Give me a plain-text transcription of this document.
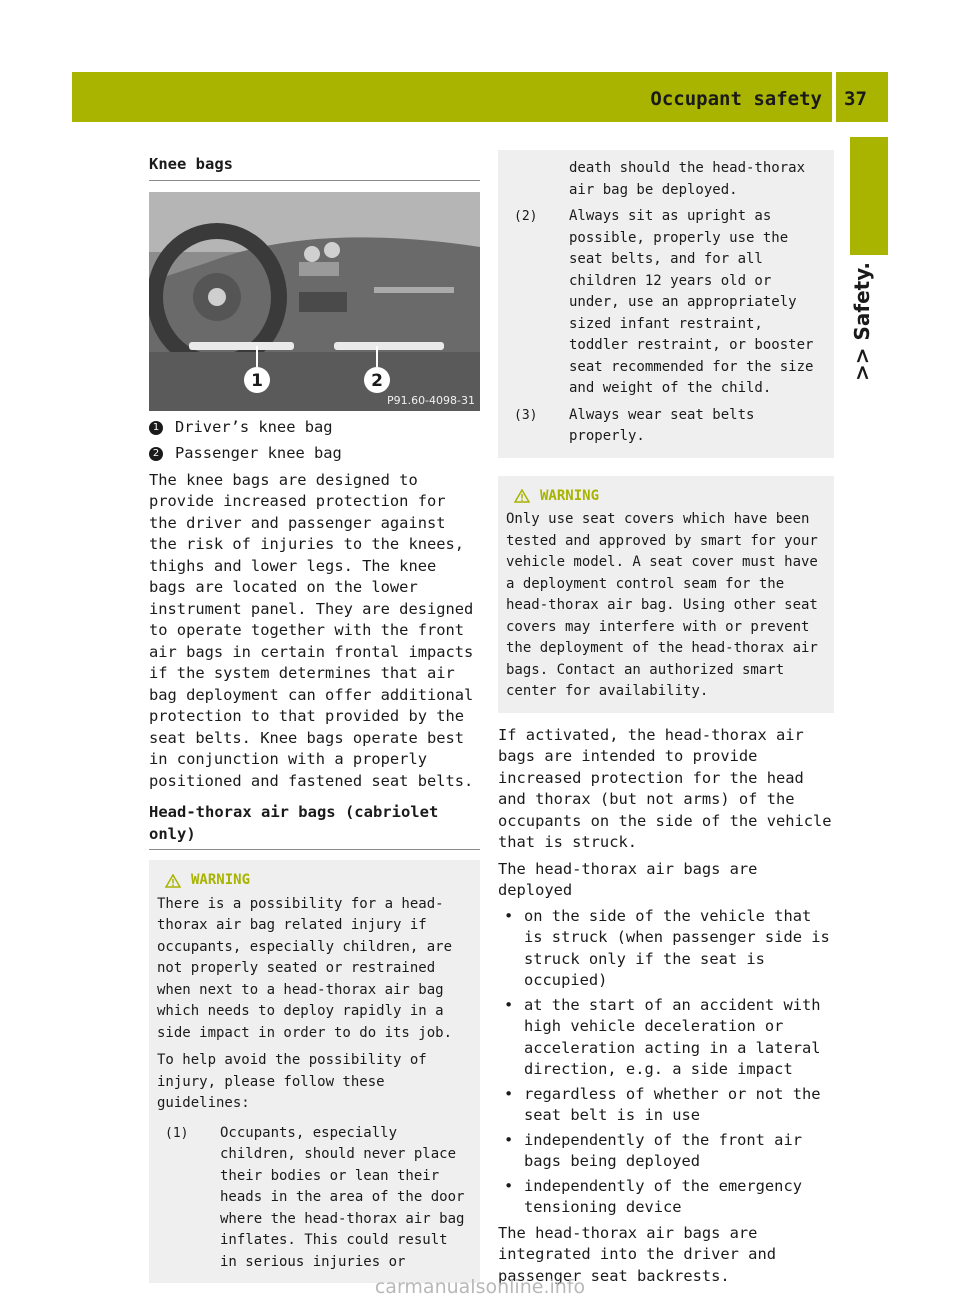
Occupant safety 37
>> Safety.
Knee bags
1	2
P91.60-4098-31
1 Driver’s knee bag
2 Passenger knee bag

The knee bags are designed to provide increased protection for the driver and passenger against the risk of injuries to the knees, thighs and lower legs. The knee bags are located on the lower instrument panel. They are designed to operate together with the front air bags in certain frontal impacts if the system determines that air bag deployment can offer additional protection to that provided by the seat belts. Knee bags operate best in conjunction with a properly positioned and fastened seat belts.

Head-thorax air bags (cabriolet only)
WARNING

There is a possibility for a head-thorax air bag related injury if occupants, especially children, are not properly seated or restrained when next to a head-thorax air bag which needs to deploy rapidly in a side impact in order to do its job.

To help avoid the possibility of injury, please follow these guidelines:

(1)	Occupants, especially children, should never place their bodies or lean their heads in the area of the door where the head-thorax air bag inflates. This could result in serious injuries or
death should the head-thorax air bag be deployed.
(2)	Always sit as upright as possible, properly use the seat belts, and for all children 12 years old or under, use an appropriately sized infant restraint, toddler restraint, or booster seat recommended for the size and weight of the child.
(3)	Always wear seat belts properly.
WARNING

Only use seat covers which have been tested and approved by smart for your vehicle model. A seat cover must have a deployment control seam for the head-thorax air bag. Using other seat covers may interfere with or prevent the deployment of the head-thorax air bags. Contact an authorized smart center for availability.

If activated, the head-thorax air bags are intended to provide increased protection for the head and thorax (but not arms) of the occupants on the side of the vehicle that is struck.

The head-thorax air bags are deployed

• on the side of the vehicle that is struck (when passenger side is struck only if the seat is occupied)
• at the start of an accident with high vehicle deceleration or acceleration acting in a lateral direction, e.g. a side impact
• regardless of whether or not the seat belt is in use
• independently of the front air bags being deployed
• independently of the emergency tensioning device

The head-thorax air bags are integrated into the driver and passenger seat backrests.

carmanualsonline.info
